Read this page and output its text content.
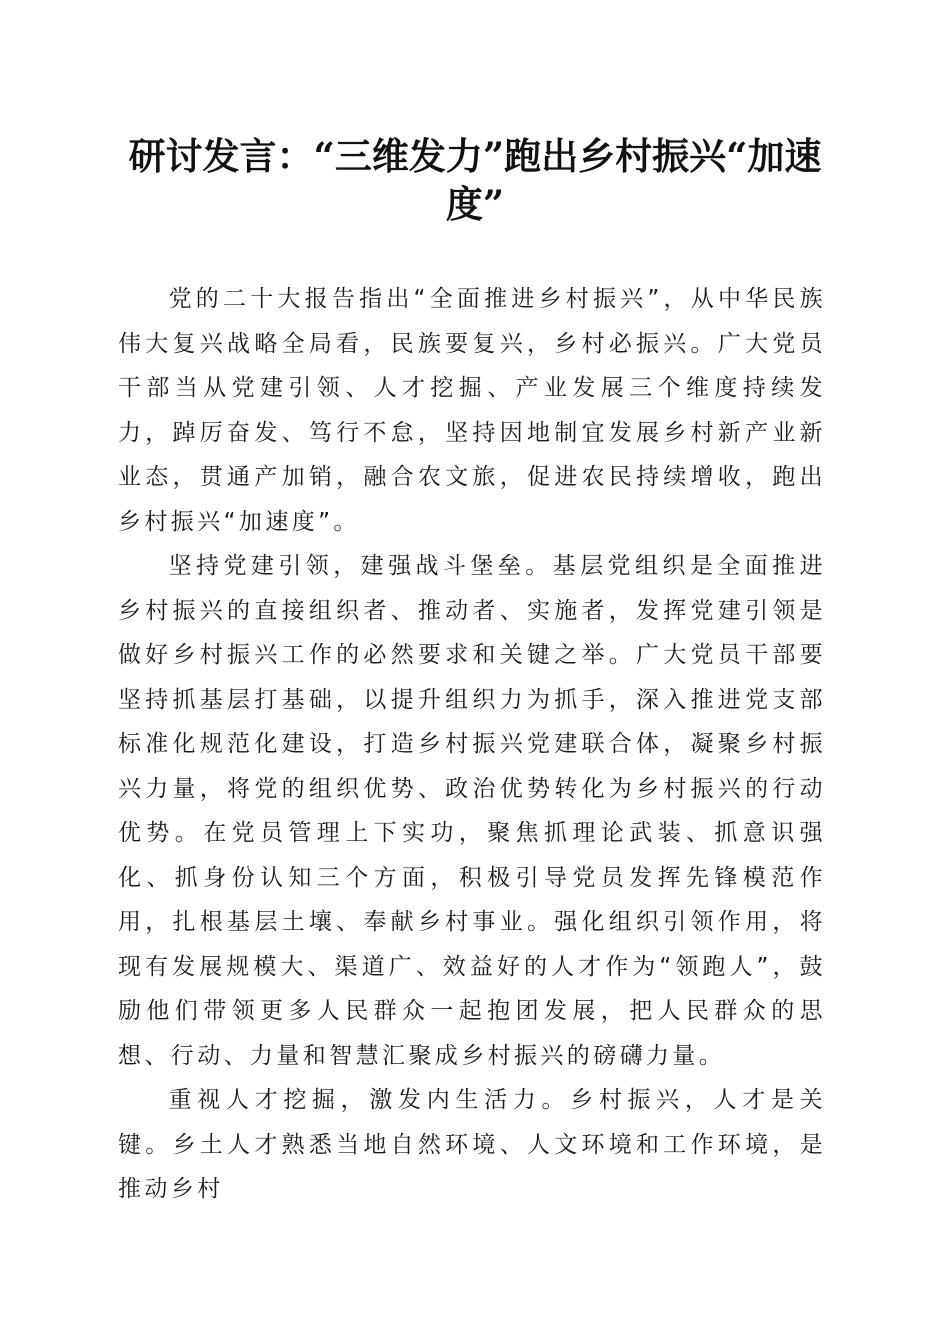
研讨发言：“三维发力”跑出乡村振兴“加速度”

党的二十大报告指出“全面推进乡村振兴”，从中华民族伟大复兴战略全局看，民族要复兴，乡村必振兴。广大党员干部当从党建引领、人才挖掘、产业发展三个维度持续发力，踔厉奋发、笃行不怠，坚持因地制宜发展乡村新产业新业态，贯通产加销，融合农文旅，促进农民持续增收，跑出乡村振兴“加速度”。

坚持党建引领，建强战斗堡垒。基层党组织是全面推进乡村振兴的直接组织者、推动者、实施者，发挥党建引领是做好乡村振兴工作的必然要求和关键之举。广大党员干部要坚持抓基层打基础，以提升组织力为抓手，深入推进党支部标准化规范化建设，打造乡村振兴党建联合体，凝聚乡村振兴力量，将党的组织优势、政治优势转化为乡村振兴的行动优势。在党员管理上下实功，聚焦抓理论武装、抓意识强化、抓身份认知三个方面，积极引导党员发挥先锋模范作用，扎根基层土壤、奉献乡村事业。强化组织引领作用，将现有发展规模大、渠道广、效益好的人才作为“领跑人”，鼓励他们带领更多人民群众一起抱团发展，把人民群众的思想、行动、力量和智慧汇聚成乡村振兴的磅礴力量。

重视人才挖掘，激发内生活力。乡村振兴，人才是关键。乡土人才熟悉当地自然环境、人文环境和工作环境，是推动乡村
